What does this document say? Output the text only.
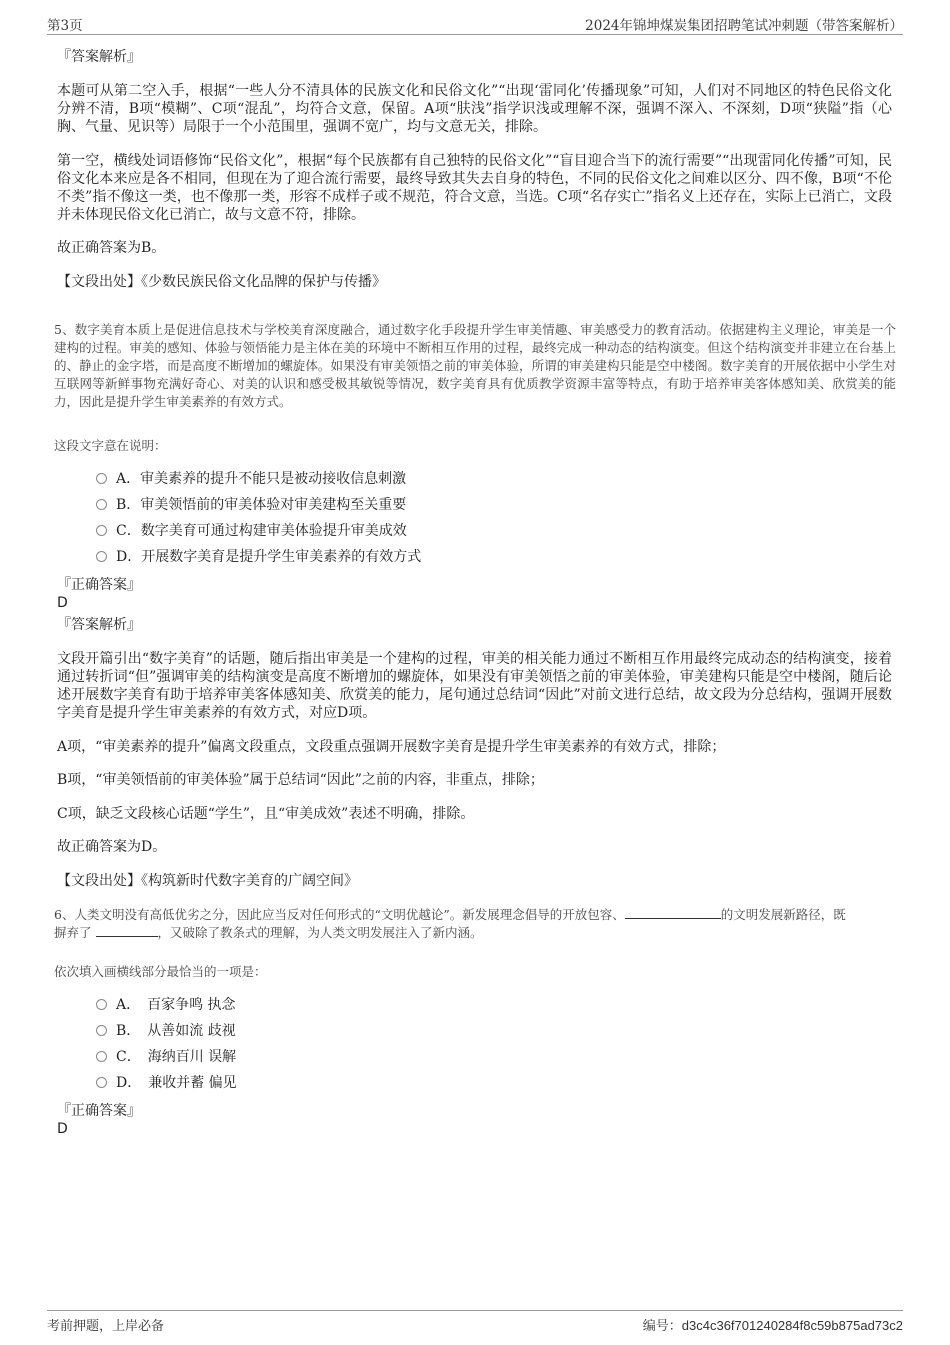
第3页	2024年锦坤煤炭集团招聘笔试冲刺题（带答案解析）

『答案解析』

本题可从第二空入手，根据“一些人分不清具体的民族文化和民俗文化”“出现‘雷同化’传播现象”可知，人们对不同地区的特色民俗文化分辨不清，B项“模糊”、C项“混乱”，均符合文意，保留。A项“肤浅”指学识浅或理解不深，强调不深入、不深刻，D项“狭隘”指（心胸、气量、见识等）局限于一个小范围里，强调不宽广，均与文意无关，排除。

第一空，横线处词语修饰“民俗文化”，根据“每个民族都有自己独特的民俗文化”“盲目迎合当下的流行需要”“出现雷同化传播”可知，民俗文化本来应是各不相同，但现在为了迎合流行需要，最终导致其失去自身的特色，不同的民俗文化之间难以区分、四不像，B项“不伦不类”指不像这一类，也不像那一类，形容不成样子或不规范，符合文意，当选。C项“名存实亡”指名义上还存在，实际上已消亡，文段并未体现民俗文化已消亡，故与文意不符，排除。

故正确答案为B。

【文段出处】《少数民族民俗文化品牌的保护与传播》

5、数字美育本质上是促进信息技术与学校美育深度融合，通过数字化手段提升学生审美情趣、审美感受力的教育活动。依据建构主义理论，审美是一个建构的过程。审美的感知、体验与领悟能力是主体在美的环境中不断相互作用的过程，最终完成一种动态的结构演变。但这个结构演变并非建立在台基上的、静止的金字塔，而是高度不断增加的螺旋体。如果没有审美领悟之前的审美体验，所谓的审美建构只能是空中楼阁。数字美育的开展依据中小学生对互联网等新鲜事物充满好奇心、对美的认识和感受极其敏锐等情况，数字美育具有优质教学资源丰富等特点，有助于培养审美客体感知美、欣赏美的能力，因此是提升学生审美素养的有效方式。

这段文字意在说明：

A．审美素养的提升不能只是被动接收信息刺激
B．审美领悟前的审美体验对审美建构至关重要
C．数字美育可通过构建审美体验提升审美成效
D．开展数字美育是提升学生审美素养的有效方式

『正确答案』

D

『答案解析』

文段开篇引出“数字美育”的话题，随后指出审美是一个建构的过程，审美的相关能力通过不断相互作用最终完成动态的结构演变，接着通过转折词“但”强调审美的结构演变是高度不断增加的螺旋体，如果没有审美领悟之前的审美体验，审美建构只能是空中楼阁，随后论述开展数字美育有助于培养审美客体感知美、欣赏美的能力，尾句通过总结词“因此”对前文进行总结，故文段为分总结构，强调开展数字美育是提升学生审美素养的有效方式，对应D项。

A项，“审美素养的提升”偏离文段重点，文段重点强调开展数字美育是提升学生审美素养的有效方式，排除；

B项，“审美领悟前的审美体验”属于总结词“因此”之前的内容，非重点，排除；

C项，缺乏文段核心话题“学生”，且“审美成效”表述不明确，排除。

故正确答案为D。

【文段出处】《构筑新时代数字美育的广阔空间》

6、人类文明没有高低优劣之分，因此应当反对任何形式的“文明优越论”。新发展理念倡导的开放包容、	的文明发展新路径，既
摒弃了	，又破除了教条式的理解，为人类文明发展注入了新内涵。

依次填入画横线部分最恰当的一项是：

A．　百家争鸣 执念
B．　从善如流 歧视
C．　海纳百川 误解
D．　兼收并蓄 偏见

『正确答案』

D

考前押题，上岸必备	编号：d3c4c36f701240284f8c59b875ad73c2
